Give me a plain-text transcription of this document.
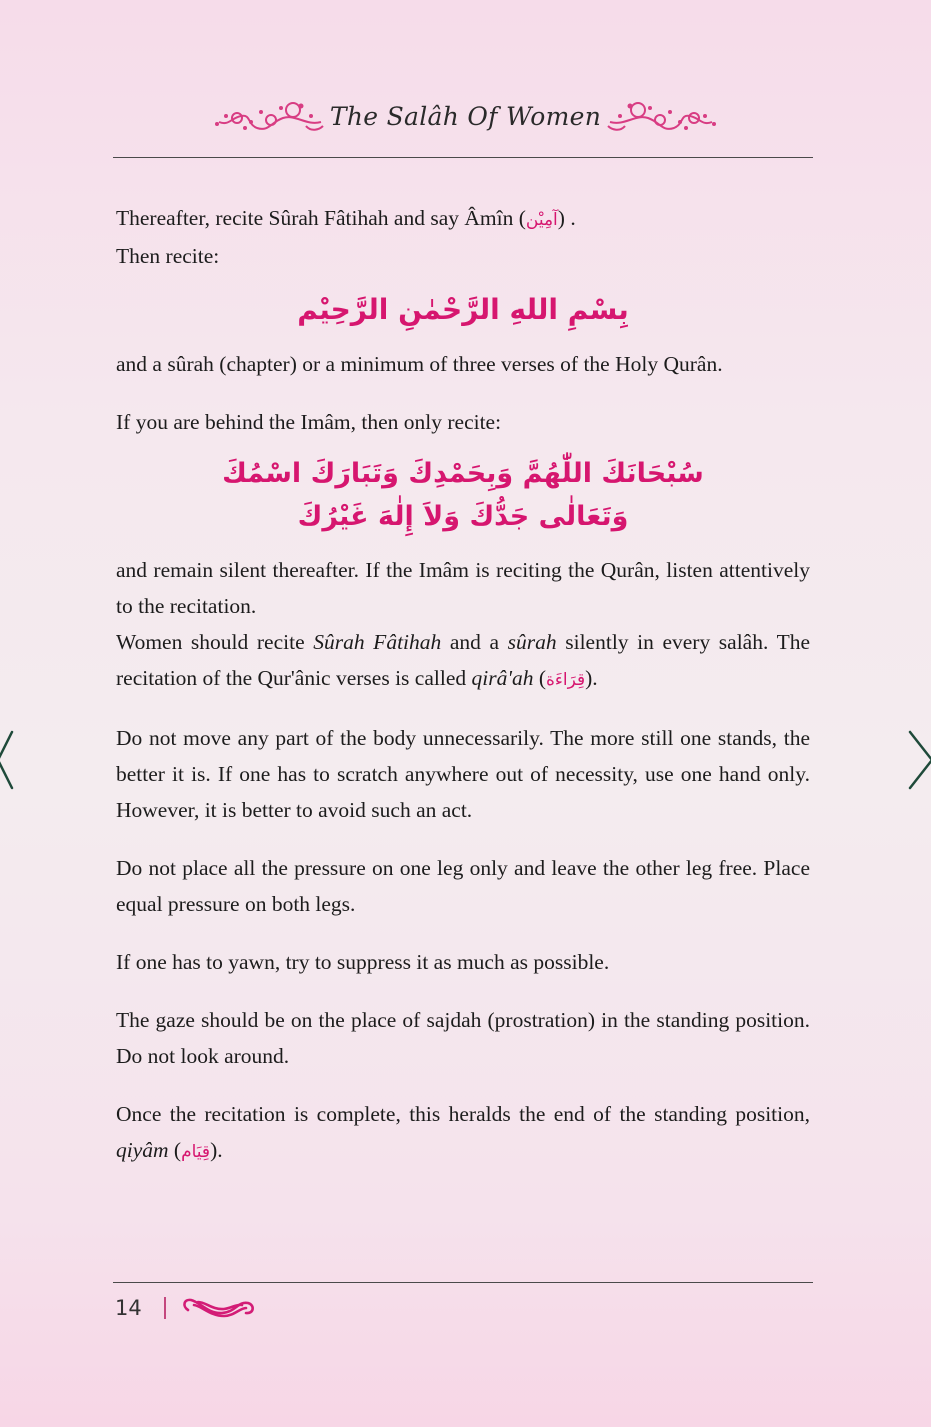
The Salâh Of Women

Thereafter, recite Sûrah Fâtihah and say Âmîn (آمِيْن) .

Then recite:

بِسْمِ اللهِ الرَّحْمٰنِ الرَّحِيْم

and a sûrah (chapter) or a minimum of three verses of the Holy Qurân.

If you are behind the Imâm, then only recite:

سُبْحَانَكَ اللّٰهُمَّ وَبِحَمْدِكَ وَتَبَارَكَ اسْمُكَ

وَتَعَالٰى جَدُّكَ وَلاَ إِلٰهَ غَيْرُكَ

and remain silent thereafter. If the Imâm is reciting the Qurân, listen attentively to the recitation.

Women should recite Sûrah Fâtihah and a sûrah silently in every salâh. The recitation of the Qur'ânic verses is called qirâ'ah (قِرَاءَة).

Do not move any part of the body unnecessarily. The more still one stands, the better it is. If one has to scratch anywhere out of necessity, use one hand only. However, it is better to avoid such an act.

Do not place all the pressure on one leg only and leave the other leg free. Place equal pressure on both legs.

If one has to yawn, try to suppress it as much as possible.

The gaze should be on the place of sajdah (prostration) in the standing position. Do not look around.

Once the recitation is complete, this heralds the end of the standing position, qiyâm (قِيَام).

14
